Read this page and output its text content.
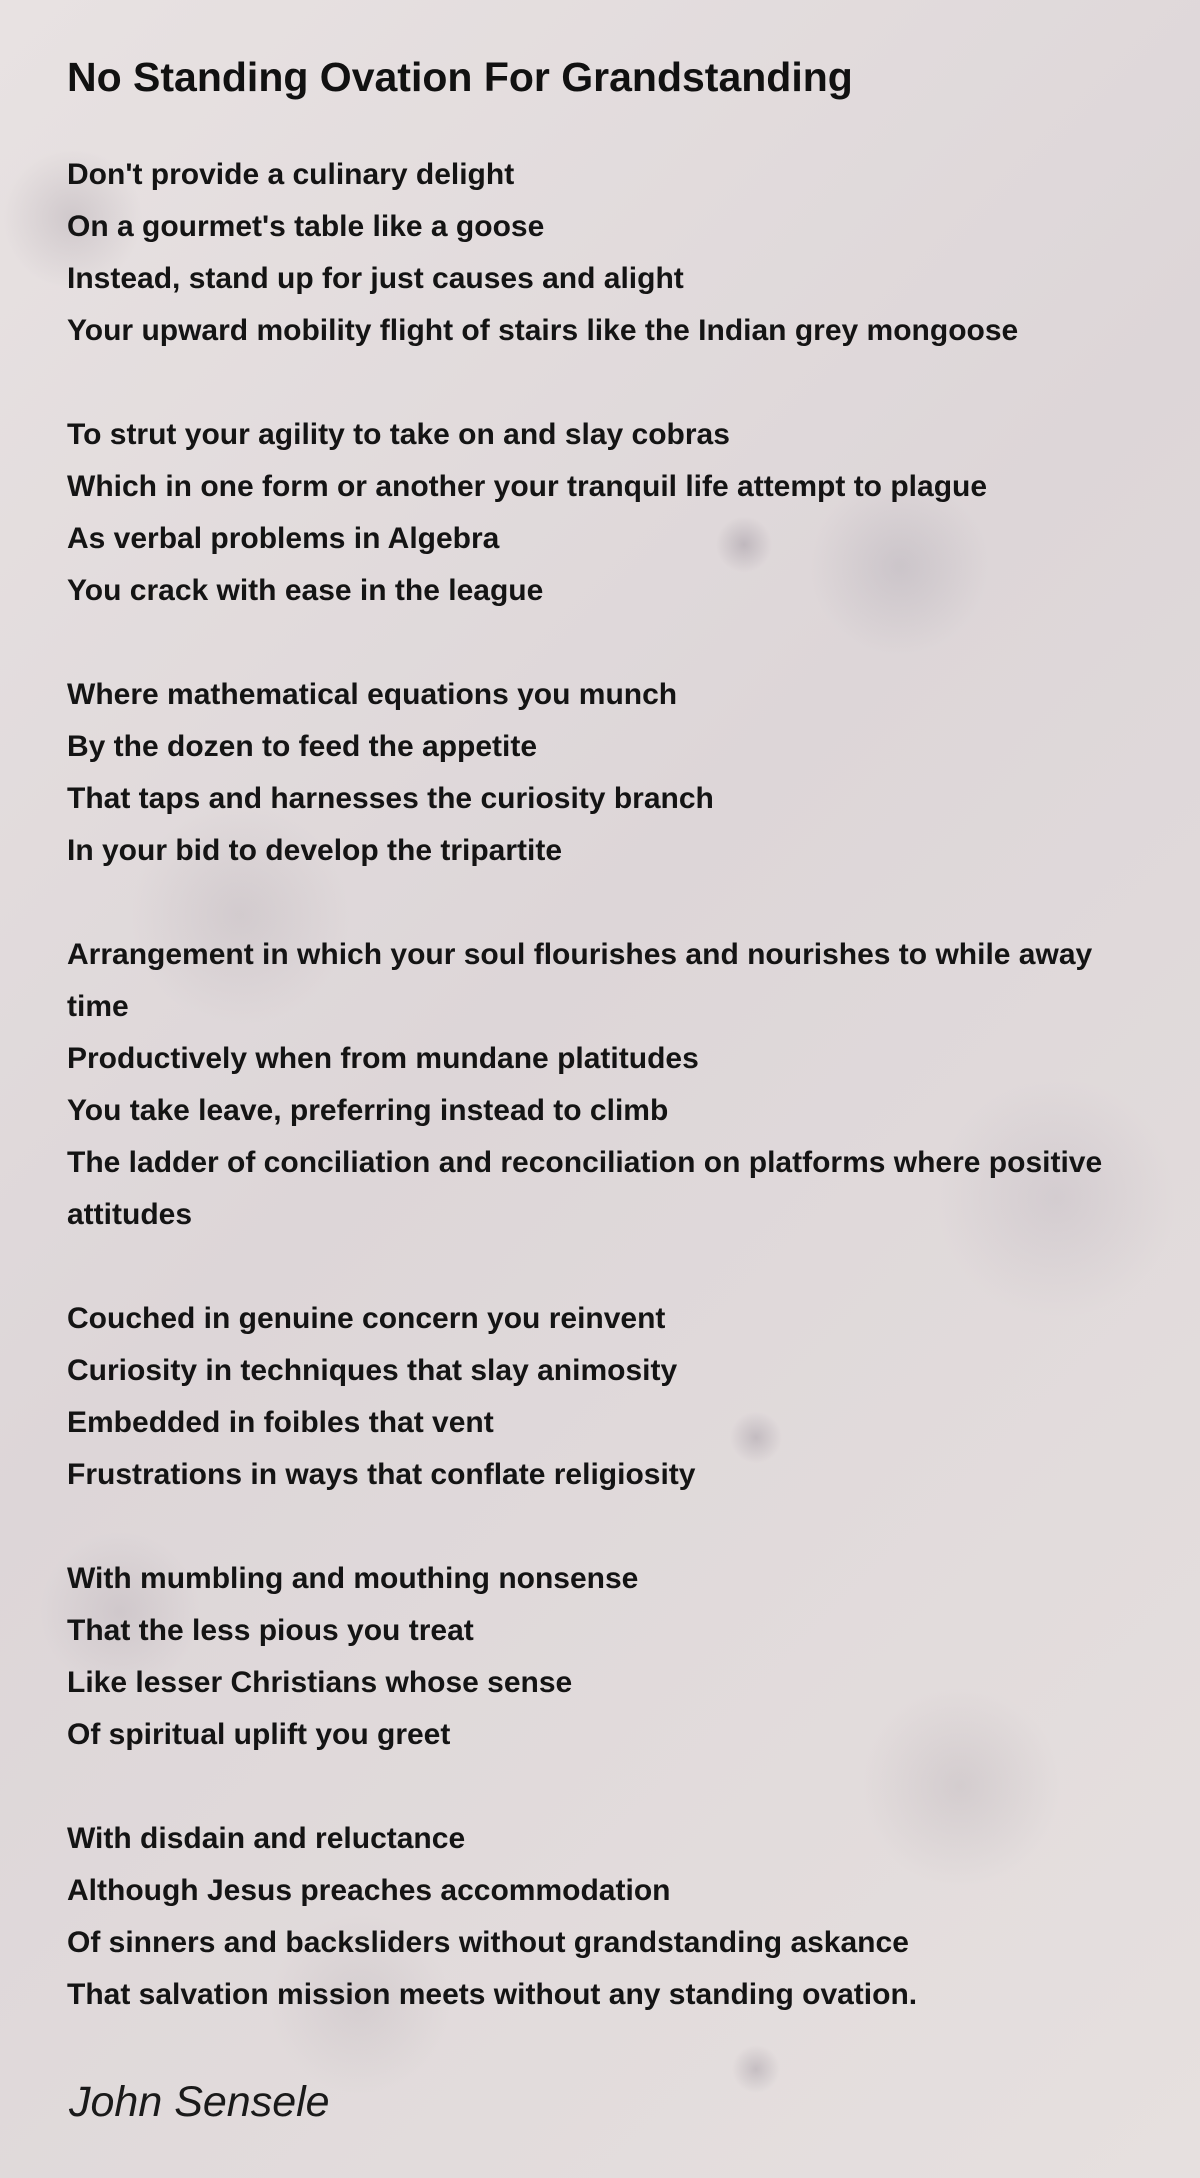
No Standing Ovation For Grandstanding
Don't provide a culinary delight
On a gourmet's table like a goose
Instead, stand up for just causes and alight
Your upward mobility flight of stairs like the Indian grey mongoose
To strut your agility to take on and slay cobras
Which in one form or another your tranquil life attempt to plague
As verbal problems in Algebra
You crack with ease in the league
Where mathematical equations you munch
By the dozen to feed the appetite
That taps and harnesses the curiosity branch
In your bid to develop the tripartite
Arrangement in which your soul flourishes and nourishes to while away time
Productively when from mundane platitudes
You take leave, preferring instead to climb
The ladder of conciliation and reconciliation on platforms where positive attitudes
Couched in genuine concern you reinvent
Curiosity in techniques that slay animosity
Embedded in foibles that vent
Frustrations in ways that conflate religiosity
With mumbling and mouthing nonsense
That the less pious you treat
Like lesser Christians whose sense
Of spiritual uplift you greet
With disdain and reluctance
Although Jesus preaches accommodation
Of sinners and backsliders without grandstanding askance
That salvation mission meets without any standing ovation.

John Sensele
